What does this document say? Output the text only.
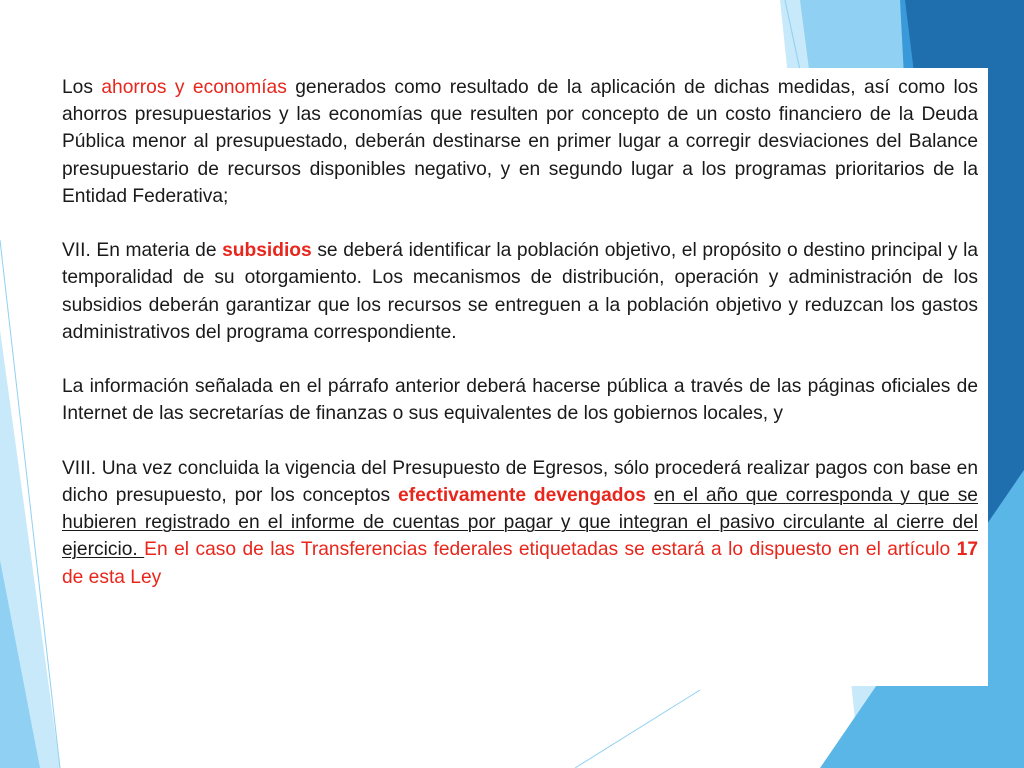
Los ahorros y economías generados como resultado de la aplicación de dichas medidas, así como los ahorros presupuestarios y las economías que resulten por concepto de un costo financiero de la Deuda Pública menor al presupuestado, deberán destinarse en primer lugar a corregir desviaciones del Balance presupuestario de recursos disponibles negativo, y en segundo lugar a los programas prioritarios de la Entidad Federativa;

VII. En materia de subsidios se deberá identificar la población objetivo, el propósito o destino principal y la temporalidad de su otorgamiento. Los mecanismos de distribución, operación y administración de los subsidios deberán garantizar que los recursos se entreguen a la población objetivo y reduzcan los gastos administrativos del programa correspondiente.

La información señalada en el párrafo anterior deberá hacerse pública a través de las páginas oficiales de Internet de las secretarías de finanzas o sus equivalentes de los gobiernos locales, y

VIII. Una vez concluida la vigencia del Presupuesto de Egresos, sólo procederá realizar pagos con base en dicho presupuesto, por los conceptos efectivamente devengados en el año que corresponda y que se hubieren registrado en el informe de cuentas por pagar y que integran el pasivo circulante al cierre del ejercicio. En el caso de las Transferencias federales etiquetadas se estará a lo dispuesto en el artículo 17 de esta Ley
